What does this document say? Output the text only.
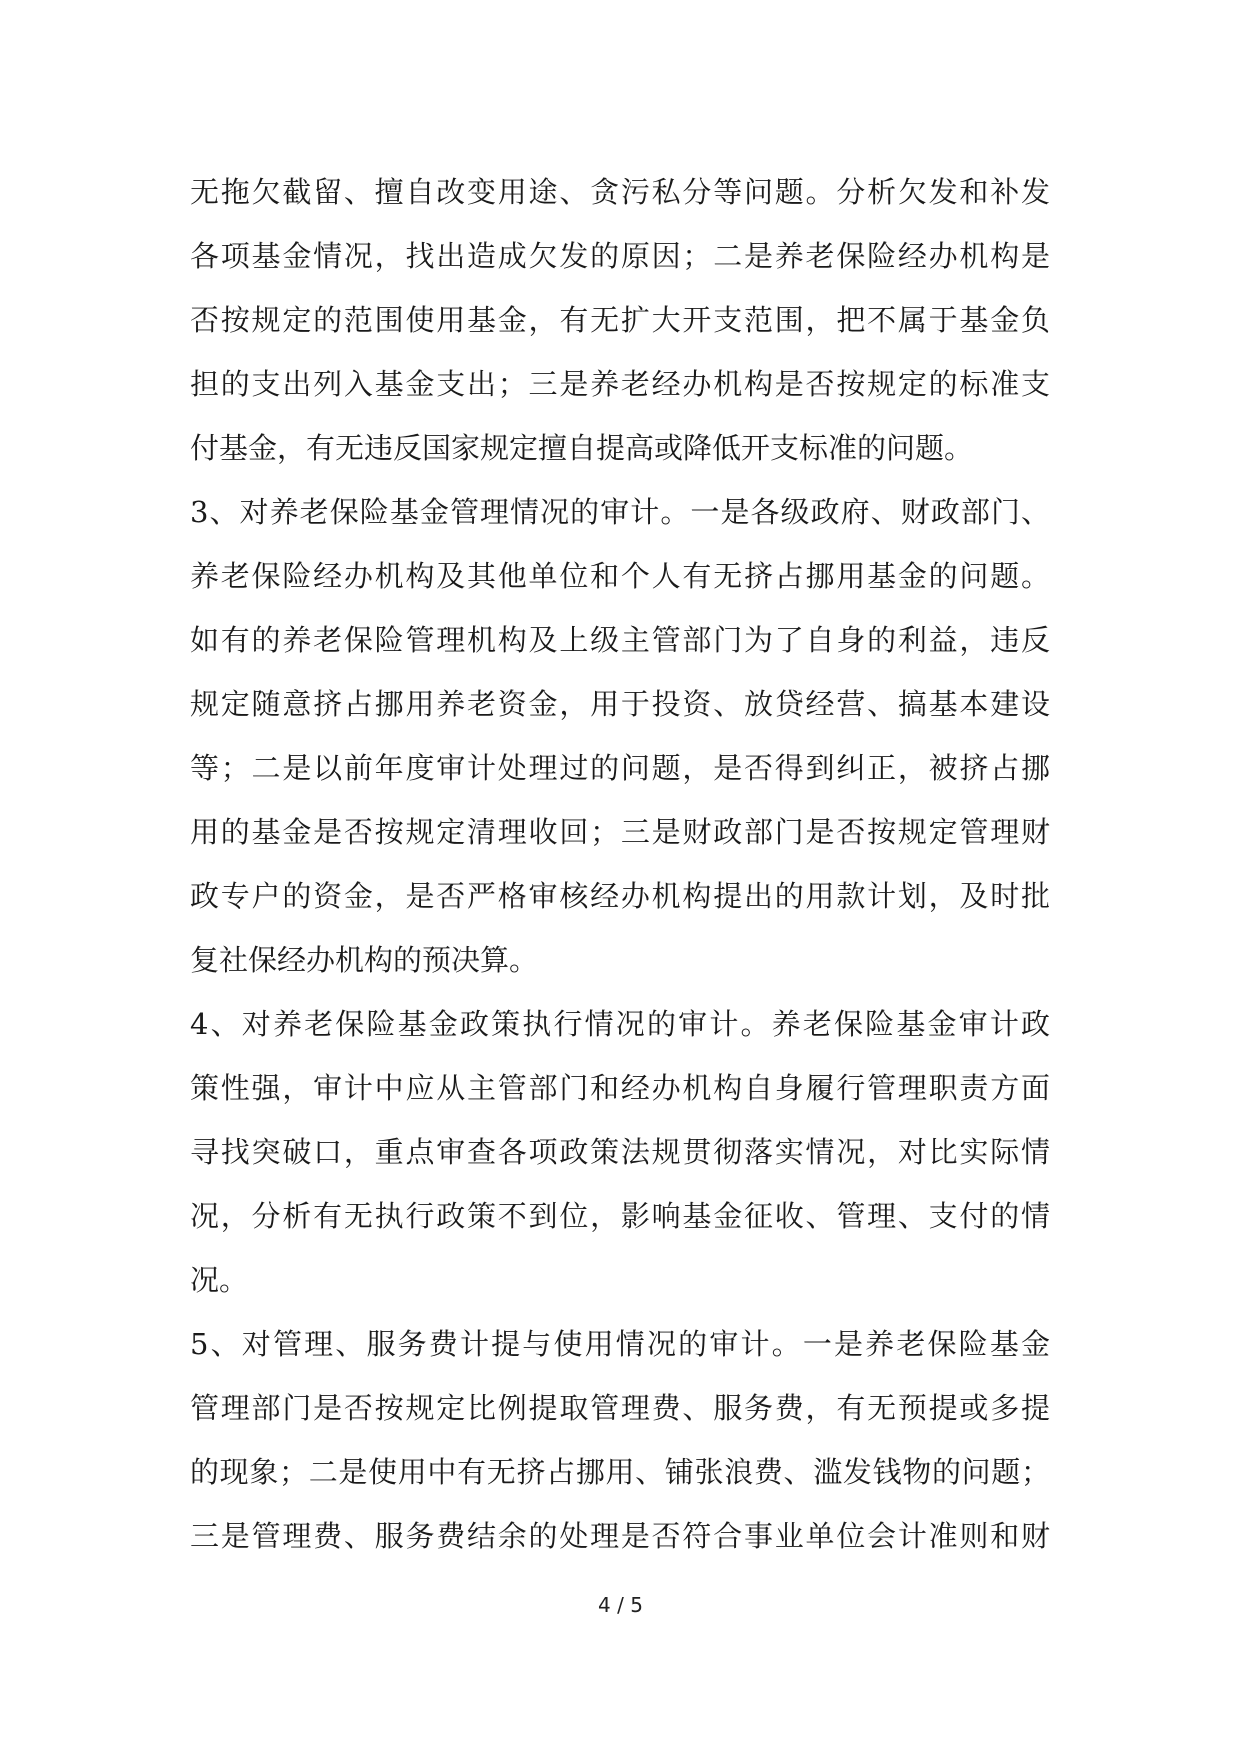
无拖欠截留、擅自改变用途、贪污私分等问题。分析欠发和补发
各项基金情况，找出造成欠发的原因；二是养老保险经办机构是
否按规定的范围使用基金，有无扩大开支范围，把不属于基金负
担的支出列入基金支出；三是养老经办机构是否按规定的标准支
付基金，有无违反国家规定擅自提高或降低开支标准的问题。
3、对养老保险基金管理情况的审计。一是各级政府、财政部门、
养老保险经办机构及其他单位和个人有无挤占挪用基金的问题。
如有的养老保险管理机构及上级主管部门为了自身的利益，违反
规定随意挤占挪用养老资金，用于投资、放贷经营、搞基本建设
等；二是以前年度审计处理过的问题，是否得到纠正，被挤占挪
用的基金是否按规定清理收回；三是财政部门是否按规定管理财
政专户的资金，是否严格审核经办机构提出的用款计划，及时批
复社保经办机构的预决算。
4、对养老保险基金政策执行情况的审计。养老保险基金审计政
策性强，审计中应从主管部门和经办机构自身履行管理职责方面
寻找突破口，重点审查各项政策法规贯彻落实情况，对比实际情
况，分析有无执行政策不到位，影响基金征收、管理、支付的情
况。
5、对管理、服务费计提与使用情况的审计。一是养老保险基金
管理部门是否按规定比例提取管理费、服务费，有无预提或多提
的现象；二是使用中有无挤占挪用、铺张浪费、滥发钱物的问题；
三是管理费、服务费结余的处理是否符合事业单位会计准则和财
4 / 5
